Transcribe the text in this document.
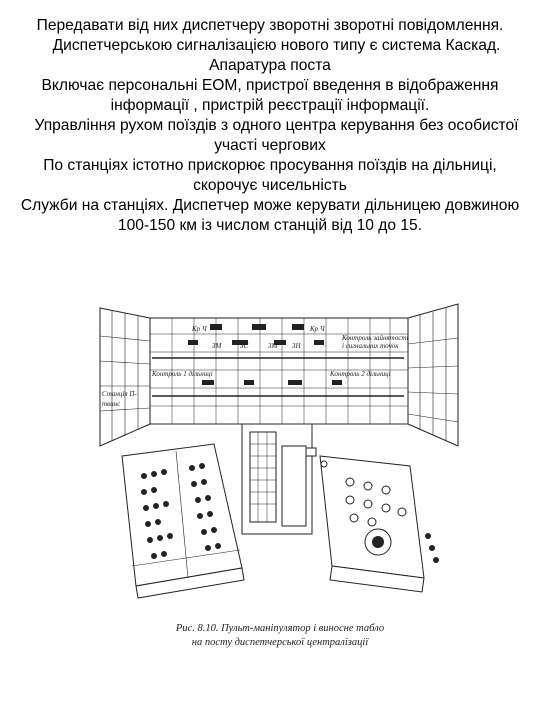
Передавати від них диспетчеру зворотні зворотні повідомлення.

Диспетчерською сигналізацією нового типу є система Каскад. Апаратура поста

Включає персональні ЕОМ, пристрої введення в відображення інформації , пристрій реєстрації інформації.

Управління рухом поїздів з одного центра керування без особистої участі чергових

По станціях істотно прискорює просування поїздів на дільниці, скорочує чисельність

Служби на станціях. Диспетчер може керувати дільницею довжиною 100-150 км із числом станцій від 10 до 15.

Кр Ч	Кр Ч
ЗМ	ЗС	ЗМ ЗН
Контроль 1 дільниці	Контроль 2 дільниці
Станція П-
твинс
Контроль зайнятості
і сигнальних точок

Рис. 8.10. Пульт-маніпулятор і виносне табло

на посту диспетчерської централізації
